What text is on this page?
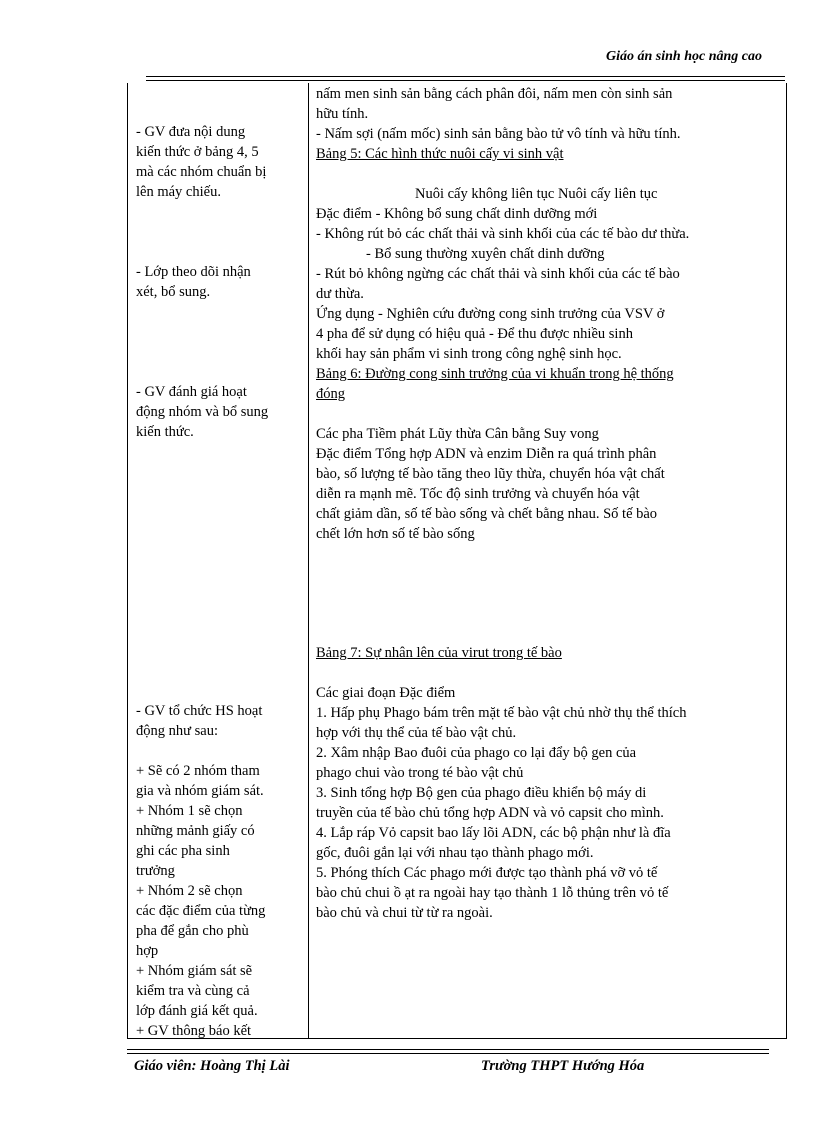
Giáo án sinh học nâng cao
- GV đưa nội dung
kiến thức ở bảng 4, 5
mà các nhóm chuẩn bị
lên máy chiếu.
- Lớp theo dõi nhận
xét, bổ sung.
- GV đánh giá hoạt
động nhóm và bổ sung
kiến thức.
- GV tổ chức HS hoạt
động như sau:
+ Sẽ có 2 nhóm tham
gia và nhóm giám sát.
+ Nhóm 1 sẽ chọn
những mảnh giấy có
ghi các pha sinh
trưởng
+ Nhóm 2 sẽ chọn
các đặc điểm của từng
pha để gắn cho phù
hợp
+ Nhóm giám sát sẽ
kiểm tra và cùng cả
lớp đánh giá kết quả.
+ GV thông báo kết
nấm men sinh sản bằng cách phân đôi, nấm men còn sinh sản
hữu tính.
- Nấm sợi (nấm mốc) sinh sản bằng bào tử vô tính và hữu tính.
Bảng 5: Các hình thức nuôi cấy vi sinh vật
Nuôi cấy không liên tục Nuôi cấy liên tục
Đặc điểm - Không bổ sung chất dinh dưỡng mới
- Không rút bỏ các chất thải và sinh khối của các tế bào dư thừa.
- Bổ sung thường xuyên chất dinh dưỡng
- Rút bỏ không ngừng các chất thải và sinh khối của các tế bào
dư thừa.
Ứng dụng - Nghiên cứu đường cong sinh trưởng của VSV ở
4 pha để sử dụng có hiệu quả - Để thu được nhiều sinh
khối hay sản phẩm vi sinh trong công nghệ sinh học.
Bảng 6: Đường cong sinh trưởng của vi khuẩn trong hệ thống
đóng
Các pha Tiềm phát Lũy thừa Cân bằng Suy vong
Đặc điểm Tổng hợp ADN và enzim Diễn ra quá trình phân
bào, số lượng tế bào tăng theo lũy thừa, chuyển hóa vật chất
diễn ra mạnh mẽ. Tốc độ sinh trưởng và chuyển hóa vật
chất giảm dần, số tế bào sống và chết bằng nhau. Số tế bào
chết lớn hơn số tế bào sống
Bảng 7: Sự nhân lên của virut trong tế bào
Các giai đoạn Đặc điểm
1. Hấp phụ Phago bám trên mặt tế bào vật chủ nhờ thụ thể thích
hợp với thụ thể của tế bào vật chủ.
2. Xâm nhập Bao đuôi của phago co lại đẩy bộ gen của
phago chui vào trong té bào vật chủ
3. Sinh tổng hợp Bộ gen của phago điều khiển bộ máy di
truyền của tế bào chủ tổng hợp ADN và vỏ capsit cho mình.
4. Lắp ráp Vỏ capsit bao lấy lõi ADN, các bộ phận như là đĩa
gốc, đuôi gắn lại với nhau tạo thành phago mới.
5. Phóng thích Các phago mới được tạo thành phá vỡ vỏ tế
bào chủ chui ồ ạt ra ngoài hay tạo thành 1 lỗ thủng trên vỏ tế
bào chủ và chui từ từ ra ngoài.
Giáo viên: Hoàng Thị Lài	Trường THPT Hướng Hóa
